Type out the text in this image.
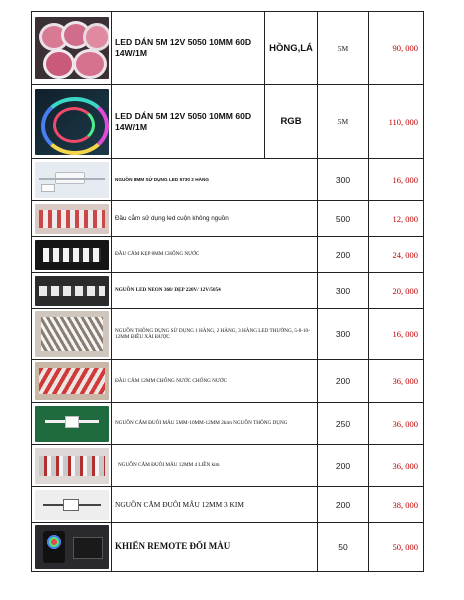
	LED DÁN 5M 12V 5050 10MM 60D 14W/1M	HỒNG,LÁ	5M	90, 000

	LED DÁN 5M 12V 5050 10MM 60D 14W/1M	RGB	5M	110, 000

	NGUỒN 8MM SỬ DỤNG LED 5730 2 HÀNG		300	16, 000

	Đầu cắm sử dụng led cuộn không nguồn		500	12, 000

	ĐẦU CẮM KẸP 8MM CHỐNG NƯỚC		200	24, 000

	NGUỒN LED NEON 360/ DẸP 220V/ 12V/5054		300	20, 000

	NGUỒN THÔNG DỤNG SỬ DỤNG 1 HÀNG, 2 HÀNG, 3 HÀNG LED THƯỜNG, 5-8-10-12MM ĐIỀU XÀI ĐƯỢC		300	16, 000

	ĐẦU CẮM 12MM CHỐNG NƯỚC CHỐNG NƯỚC		200	36, 000

	NGUỒN CẮM ĐUÔI MÂU 5MM-10MM-12MM 2kim NGUỒN THÔNG DỤNG		250	36, 000

	NGUỒN CẮM ĐUÔI MÂU 12MM 4 LIỀN kim		200	36, 000

	NGUỒN CẮM ĐUÔI MÂU 12MM 3 KIM		200	38, 000

	KHIỂN REMOTE ĐỔI MÀU		50	50, 000
